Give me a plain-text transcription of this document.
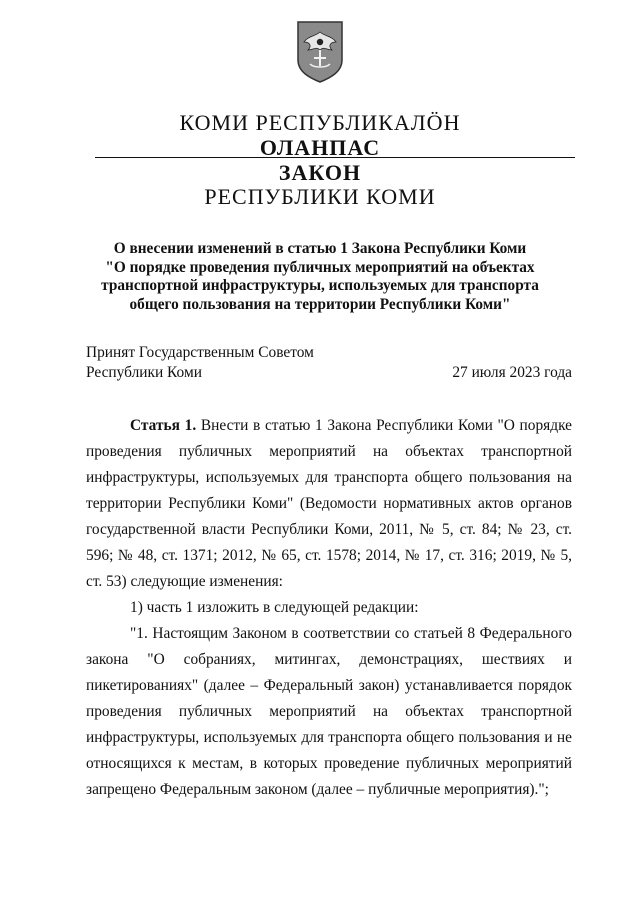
КОМИ РЕСПУБЛИКАЛӦН
ОЛАНПАС
ЗАКОН
РЕСПУБЛИКИ КОМИ
О внесении изменений в статью 1 Закона Республики Коми
"О порядке проведения публичных мероприятий на объектах
транспортной инфраструктуры, используемых для транспорта
общего пользования на территории Республики Коми"
Принят Государственным Советом
Республики Коми	27 июля 2023 года

Статья 1. Внести в статью 1 Закона Республики Коми "О порядке проведения публичных мероприятий на объектах транспортной инфраструктуры, используемых для транспорта общего пользования на территории Республики Коми" (Ведомости нормативных актов органов государственной власти Республики Коми, 2011, № 5, ст. 84; № 23, ст. 596; № 48, ст. 1371; 2012, № 65, ст. 1578; 2014, № 17, ст. 316; 2019, № 5, ст. 53) следующие изменения:

1) часть 1 изложить в следующей редакции:

"1. Настоящим Законом в соответствии со статьей 8 Федерального закона "О собраниях, митингах, демонстрациях, шествиях и пикетированиях" (далее – Федеральный закон) устанавливается порядок проведения публичных мероприятий на объектах транспортной инфраструктуры, используемых для транспорта общего пользования и не относящихся к местам, в которых проведение публичных мероприятий запрещено Федеральным законом (далее – публичные мероприятия).";
